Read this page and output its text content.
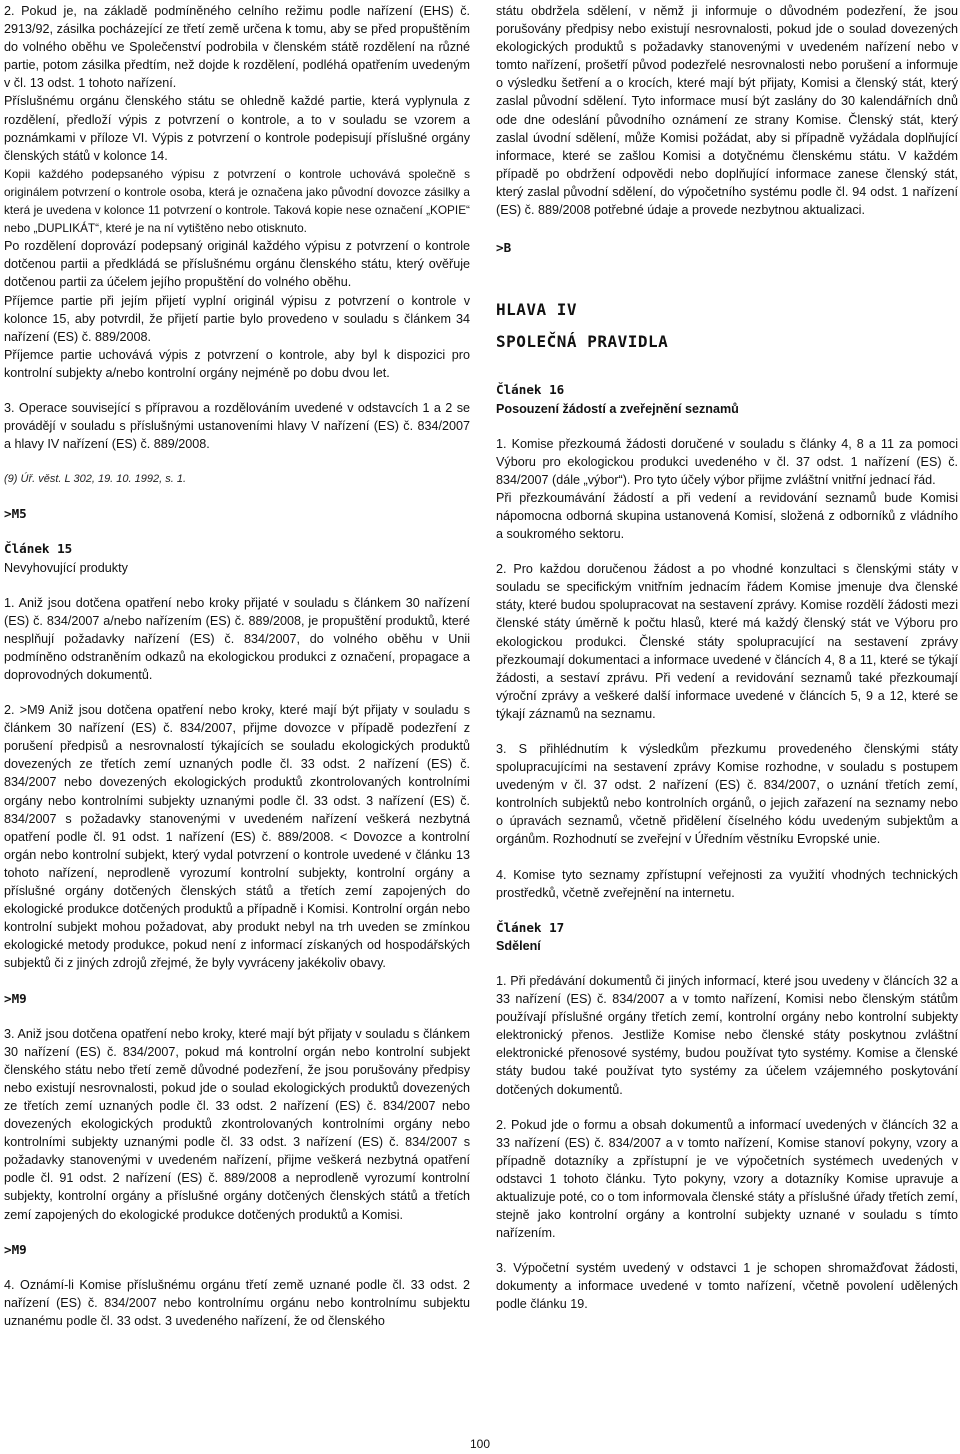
2. Pokud je, na základě podmíněného celního režimu podle nařízení (EHS) č. 2913/92, zásilka pocházející ze třetí země určena k tomu, aby se před propuštěním do volného oběhu ve Společenství podrobila v členském státě rozdělení na různé partie, potom zásilka předtím, než dojde k rozdělení, podléhá opatřením uvedeným v čl. 13 odst. 1 tohoto nařízení.

Příslušnému orgánu členského státu se ohledně každé partie, která vyplynula z rozdělení, předloží výpis z potvrzení o kontrole, a to v souladu se vzorem a poznámkami v příloze VI. Výpis z potvrzení o kontrole podepisují příslušné orgány členských států v kolonce 14.

Kopii každého podepsaného výpisu z potvrzení o kontrole uchovává společně s originálem potvrzení o kontrole osoba, která je označena jako původní dovozce zásilky a která je uvedena v kolonce 11 potvrzení o kontrole. Taková kopie nese označení „KOPIE“ nebo „DUPLIKÁT“, které je na ní vytištěno nebo otisknuto.

Po rozdělení doprovází podepsaný originál každého výpisu z potvrzení o kontrole dotčenou partii a předkládá se příslušnému orgánu členského státu, který ověřuje dotčenou partii za účelem jejího propuštění do volného oběhu.

Příjemce partie při jejím přijetí vyplní originál výpisu z potvrzení o kontrole v kolonce 15, aby potvrdil, že přijetí partie bylo provedeno v souladu s článkem 34 nařízení (ES) č. 889/2008.

Příjemce partie uchovává výpis z potvrzení o kontrole, aby byl k dispozici pro kontrolní subjekty a/nebo kontrolní orgány nejméně po dobu dvou let.

3. Operace související s přípravou a rozdělováním uvedené v odstavcích 1 a 2 se provádějí v souladu s příslušnými ustanoveními hlavy V nařízení (ES) č. 834/2007 a hlavy IV nařízení (ES) č. 889/2008.

(9) Úř. věst. L 302, 19. 10. 1992, s. 1.

>M5

Článek 15

Nevyhovující produkty

1. Aniž jsou dotčena opatření nebo kroky přijaté v souladu s článkem 30 nařízení (ES) č. 834/2007 a/nebo nařízením (ES) č. 889/2008, je propuštění produktů, které nesplňují požadavky nařízení (ES) č. 834/2007, do volného oběhu v Unii podmíněno odstraněním odkazů na ekologickou produkci z označení, propagace a doprovodných dokumentů.

2. >M9 Aniž jsou dotčena opatření nebo kroky, které mají být přijaty v souladu s článkem 30 nařízení (ES) č. 834/2007, přijme dovozce v případě podezření z porušení předpisů a nesrovnalostí týkajících se souladu ekologických produktů dovezených ze třetích zemí uznaných podle čl. 33 odst. 2 nařízení (ES) č. 834/2007 nebo dovezených ekologických produktů zkontrolovaných kontrolními orgány nebo kontrolními subjekty uznanými podle čl. 33 odst. 3 nařízení (ES) č. 834/2007 s požadavky stanovenými v uvedeném nařízení veškerá nezbytná opatření podle čl. 91 odst. 1 nařízení (ES) č. 889/2008. < Dovozce a kontrolní orgán nebo kontrolní subjekt, který vydal potvrzení o kontrole uvedené v článku 13 tohoto nařízení, neprodleně vyrozumí kontrolní subjekty, kontrolní orgány a příslušné orgány dotčených členských států a třetích zemí zapojených do ekologické produkce dotčených produktů a případně i Komisi. Kontrolní orgán nebo kontrolní subjekt mohou požadovat, aby produkt nebyl na trh uveden se zmínkou ekologické metody produkce, pokud není z informací získaných od hospodářských subjektů či z jiných zdrojů zřejmé, že byly vyvráceny jakékoliv obavy.

>M9

3. Aniž jsou dotčena opatření nebo kroky, které mají být přijaty v souladu s článkem 30 nařízení (ES) č. 834/2007, pokud má kontrolní orgán nebo kontrolní subjekt členského státu nebo třetí země důvodné podezření, že jsou porušovány předpisy nebo existují nesrovnalosti, pokud jde o soulad ekologických produktů dovezených ze třetích zemí uznaných podle čl. 33 odst. 2 nařízení (ES) č. 834/2007 nebo dovezených ekologických produktů zkontrolovaných kontrolními orgány nebo kontrolními subjekty uznanými podle čl. 33 odst. 3 nařízení (ES) č. 834/2007 s požadavky stanovenými v uvedeném nařízení, přijme veškerá nezbytná opatření podle čl. 91 odst. 2 nařízení (ES) č. 889/2008 a neprodleně vyrozumí kontrolní subjekty, kontrolní orgány a příslušné orgány dotčených členských států a třetích zemí zapojených do ekologické produkce dotčených produktů a Komisi.

>M9

4. Oznámí-li Komise příslušnému orgánu třetí země uznané podle čl. 33 odst. 2 nařízení (ES) č. 834/2007 nebo kontrolnímu orgánu nebo kontrolnímu subjektu uznanému podle čl. 33 odst. 3 uvedeného nařízení, že od členského

státu obdržela sdělení, v němž ji informuje o důvodném podezření, že jsou porušovány předpisy nebo existují nesrovnalosti, pokud jde o soulad dovezených ekologických produktů s požadavky stanovenými v uvedeném nařízení nebo v tomto nařízení, prošetří původ podezřelé nesrovnalosti nebo porušení a informuje o výsledku šetření a o krocích, které mají být přijaty, Komisi a členský stát, který zaslal původní sdělení. Tyto informace musí být zaslány do 30 kalendářních dnů ode dne odeslání původního oznámení ze strany Komise. Členský stát, který zaslal úvodní sdělení, může Komisi požádat, aby si případně vyžádala doplňující informace, které se zašlou Komisi a dotyčnému členskému státu. V každém případě po obdržení odpovědi nebo doplňující informace zanese členský stát, který zaslal původní sdělení, do výpočetního systému podle čl. 94 odst. 1 nařízení (ES) č. 889/2008 potřebné údaje a provede nezbytnou aktualizaci.

>B

HLAVA IV

SPOLEČNÁ PRAVIDLA

Článek 16

Posouzení žádostí a zveřejnění seznamů

1. Komise přezkoumá žádosti doručené v souladu s články 4, 8 a 11 za pomoci Výboru pro ekologickou produkci uvedeného v čl. 37 odst. 1 nařízení (ES) č. 834/2007 (dále „výbor“). Pro tyto účely výbor přijme zvláštní vnitřní jednací řád.

Při přezkoumávání žádostí a při vedení a revidování seznamů bude Komisi nápomocna odborná skupina ustanovená Komisí, složená z odborníků z vládního a soukromého sektoru.

2. Pro každou doručenou žádost a po vhodné konzultaci s členskými státy v souladu se specifickým vnitřním jednacím řádem Komise jmenuje dva členské státy, které budou spolupracovat na sestavení zprávy. Komise rozdělí žádosti mezi členské státy úměrně k počtu hlasů, které má každý členský stát ve Výboru pro ekologickou produkci. Členské státy spolupracující na sestavení zprávy přezkoumají dokumentaci a informace uvedené v článcích 4, 8 a 11, které se týkají žádosti, a sestaví zprávu. Při vedení a revidování seznamů také přezkoumají výroční zprávy a veškeré další informace uvedené v článcích 5, 9 a 12, které se týkají záznamů na seznamu.

3. S přihlédnutím k výsledkům přezkumu provedeného členskými státy spolupracujícími na sestavení zprávy Komise rozhodne, v souladu s postupem uvedeným v čl. 37 odst. 2 nařízení (ES) č. 834/2007, o uznání třetích zemí, kontrolních subjektů nebo kontrolních orgánů, o jejich zařazení na seznamy nebo o úpravách seznamů, včetně přidělení číselného kódu uvedeným subjektům a orgánům. Rozhodnutí se zveřejní v Úředním věstníku Evropské unie.

4. Komise tyto seznamy zpřístupní veřejnosti za využití vhodných technických prostředků, včetně zveřejnění na internetu.

Článek 17

Sdělení

1. Při předávání dokumentů či jiných informací, které jsou uvedeny v článcích 32 a 33 nařízení (ES) č. 834/2007 a v tomto nařízení, Komisi nebo členským státům používají příslušné orgány třetích zemí, kontrolní orgány nebo kontrolní subjekty elektronický přenos. Jestliže Komise nebo členské státy poskytnou zvláštní elektronické přenosové systémy, budou používat tyto systémy. Komise a členské státy budou také používat tyto systémy za účelem vzájemného poskytování dotčených dokumentů.

2. Pokud jde o formu a obsah dokumentů a informací uvedených v článcích 32 a 33 nařízení (ES) č. 834/2007 a v tomto nařízení, Komise stanoví pokyny, vzory a případně dotazníky a zpřístupní je ve výpočetních systémech uvedených v odstavci 1 tohoto článku. Tyto pokyny, vzory a dotazníky Komise upravuje a aktualizuje poté, co o tom informovala členské státy a příslušné úřady třetích zemí, stejně jako kontrolní orgány a kontrolní subjekty uznané v souladu s tímto nařízením.

3. Výpočetní systém uvedený v odstavci 1 je schopen shromažďovat žádosti, dokumenty a informace uvedené v tomto nařízení, včetně povolení udělených podle článku 19.

100
